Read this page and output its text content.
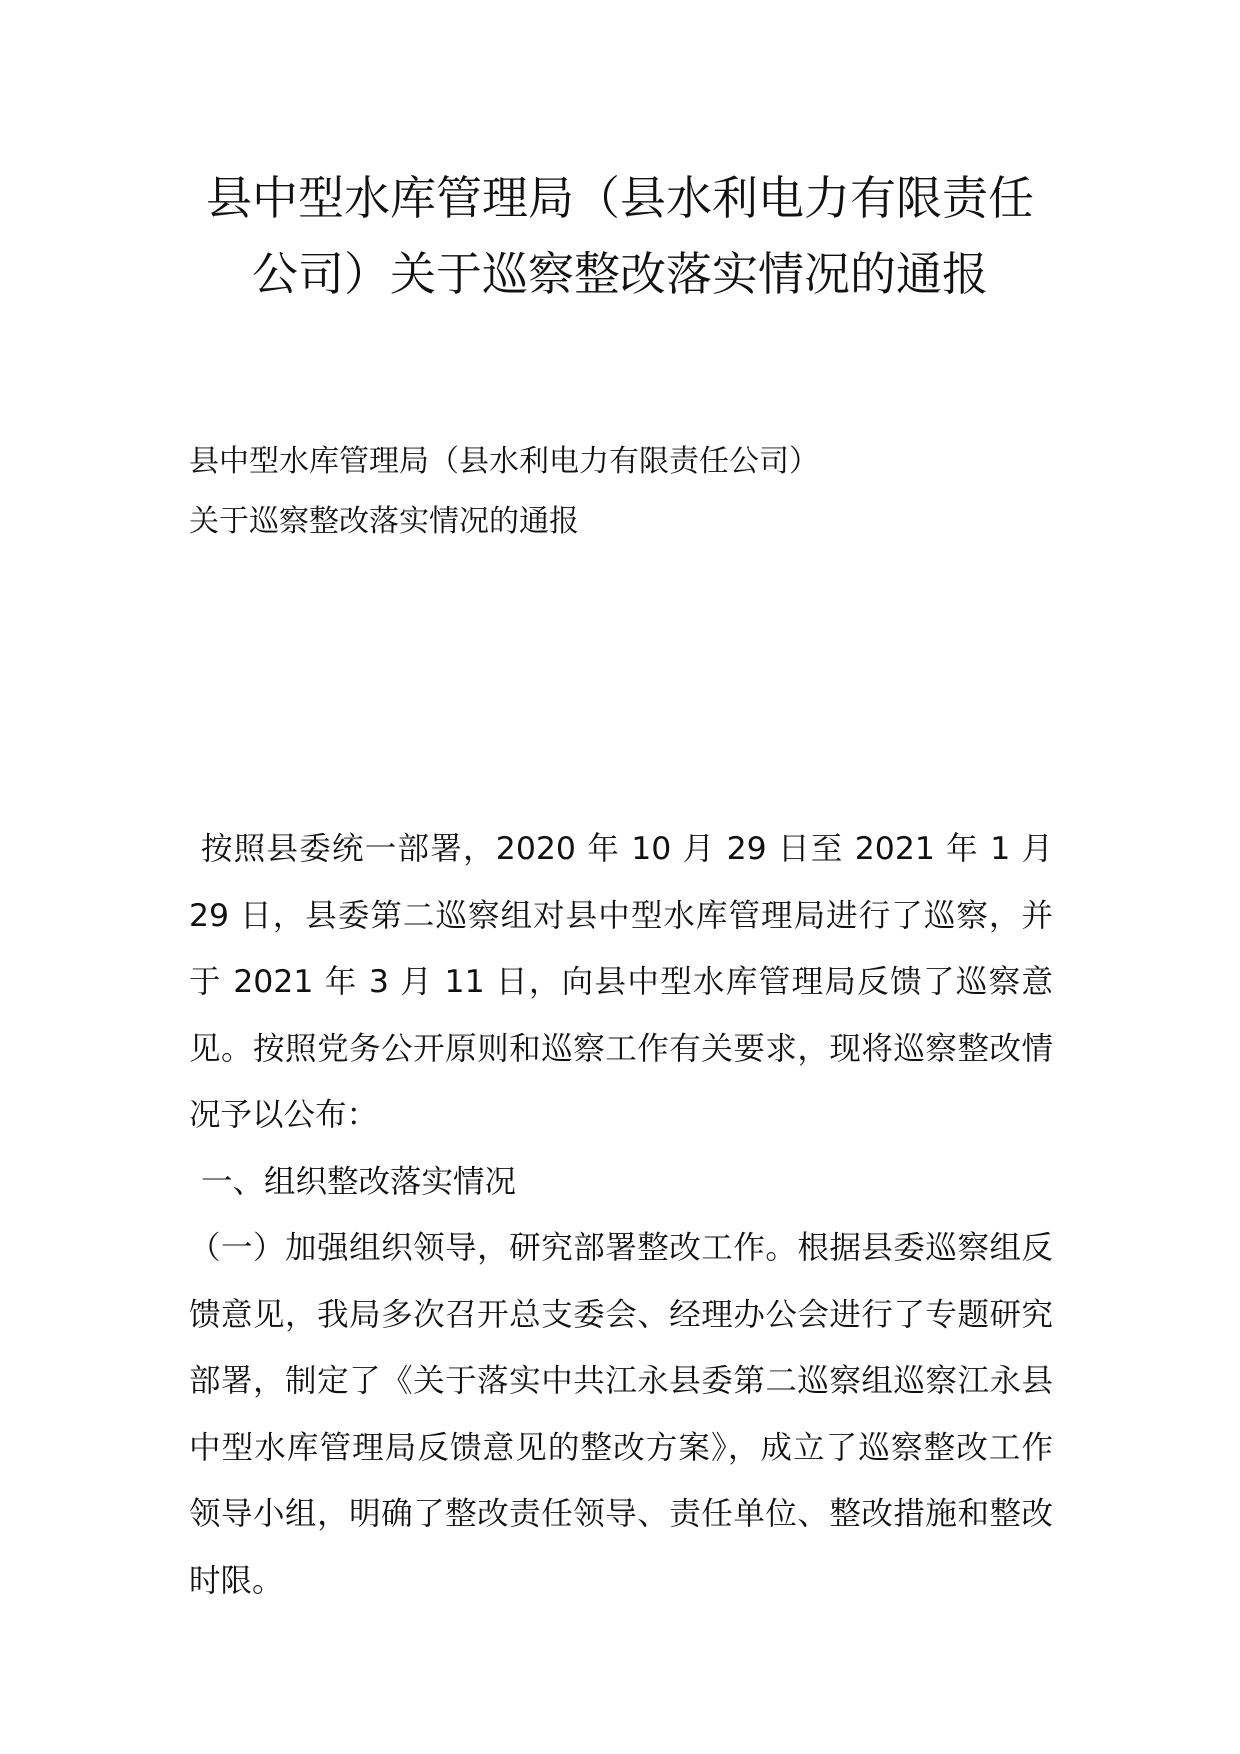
县中型水库管理局（县水利电力有限责任
公司）关于巡察整改落实情况的通报
县中型水库管理局（县水利电力有限责任公司）
关于巡察整改落实情况的通报

按照县委统一部署，2020 年 10 月 29 日至 2021 年 1 月 29 日，县委第二巡察组对县中型水库管理局进行了巡察，并于 2021 年 3 月 11 日，向县中型水库管理局反馈了巡察意见。按照党务公开原则和巡察工作有关要求，现将巡察整改情况予以公布：

一、组织整改落实情况

（一）加强组织领导，研究部署整改工作。根据县委巡察组反馈意见，我局多次召开总支委会、经理办公会进行了专题研究部署，制定了《关于落实中共江永县委第二巡察组巡察江永县中型水库管理局反馈意见的整改方案》，成立了巡察整改工作领导小组，明确了整改责任领导、责任单位、整改措施和整改时限。
